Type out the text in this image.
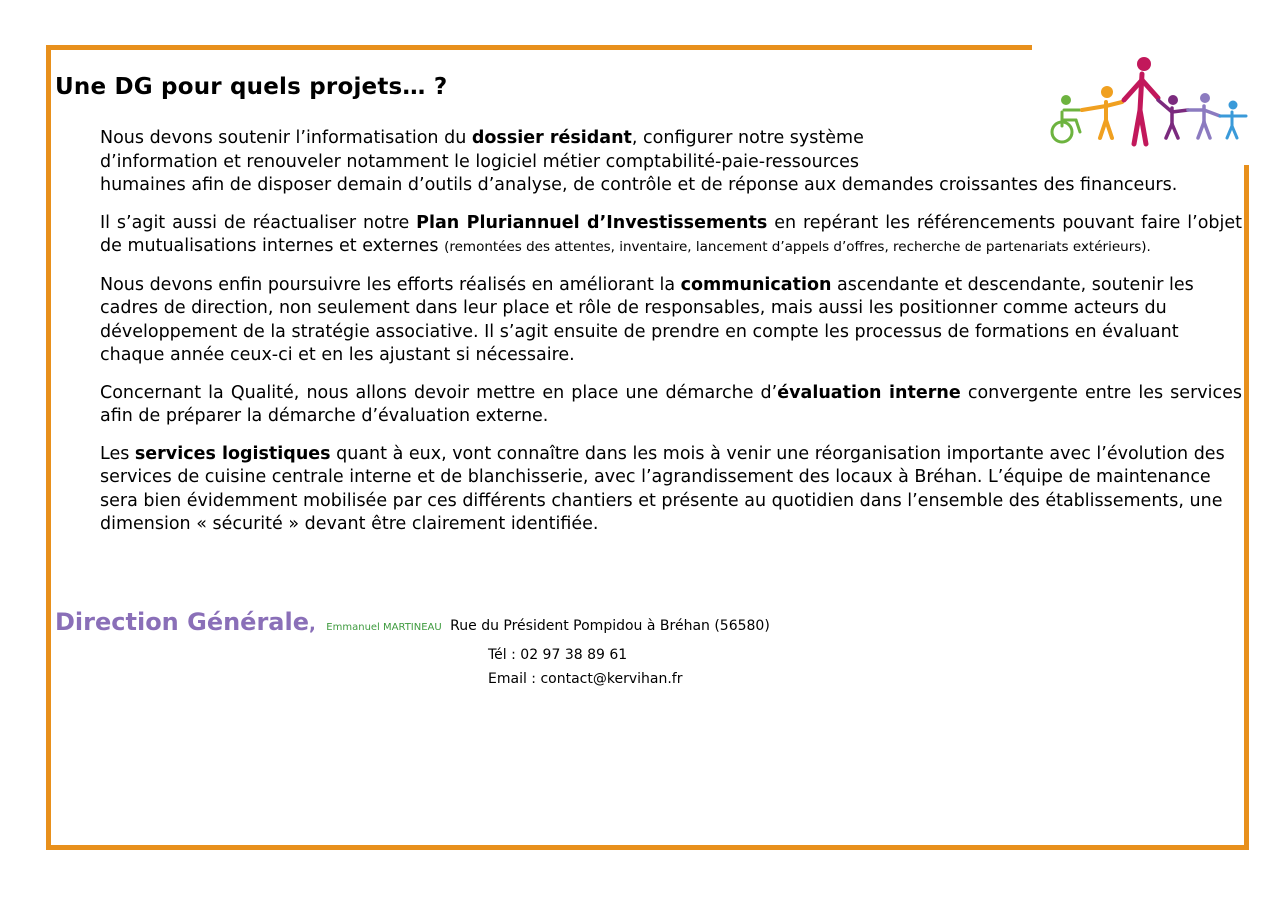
Une DG pour quels projets… ?

Nous devons soutenir l’informatisation du dossier résidant, configurer notre système
d’information et renouveler notamment le logiciel métier comptabilité-paie-ressources
humaines afin de disposer demain d’outils d’analyse, de contrôle et de réponse aux demandes croissantes des financeurs.

Il s’agit aussi de réactualiser notre Plan Pluriannuel d’Investissements en repérant les référencements pouvant faire l’objet de mutualisations internes et externes (remontées des attentes, inventaire, lancement d’appels d’offres, recherche de partenariats extérieurs).

Nous devons enfin poursuivre les efforts réalisés en améliorant la communication ascendante et descendante, soutenir les cadres de direction, non seulement dans leur place et rôle de responsables, mais aussi les positionner comme acteurs du développement de la stratégie associative. Il s’agit ensuite de prendre en compte les processus de formations en évaluant chaque année ceux-ci et en les ajustant si nécessaire.

Concernant la Qualité, nous allons devoir mettre en place une démarche d’évaluation interne convergente entre les services afin de préparer la démarche d’évaluation externe.

Les services logistiques quant à eux, vont connaître dans les mois à venir une réorganisation importante avec l’évolution des services de cuisine centrale interne et de blanchisserie, avec l’agrandissement des locaux à Bréhan. L’équipe de maintenance sera bien évidemment mobilisée par ces différents chantiers et présente au quotidien dans l’ensemble des établissements, une dimension « sécurité » devant être clairement identifiée.

Direction Générale, Emmanuel MARTINEAU Rue du Président Pompidou à Bréhan (56580)
Tél : 02 97 38 89 61
Email : contact@kervihan.fr
